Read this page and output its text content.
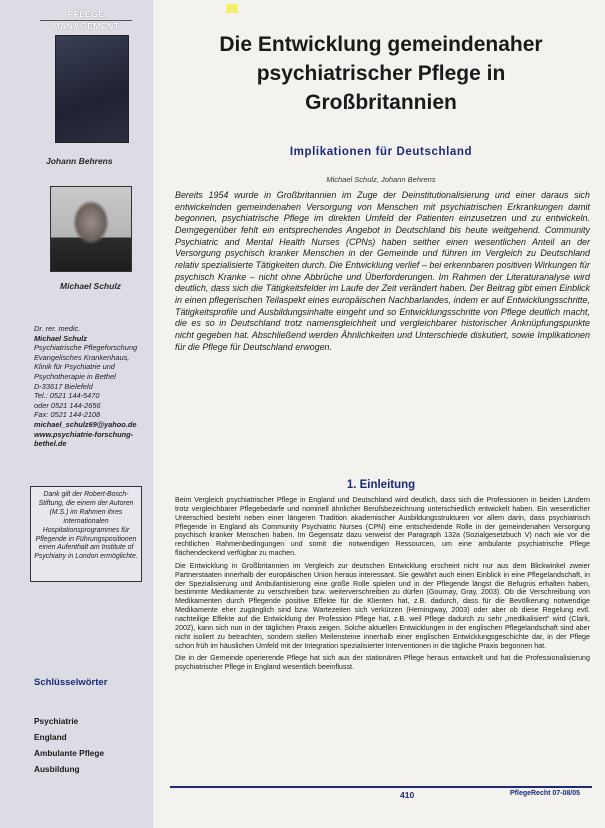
PFLEGE
MANAGEMENT
Johann Behrens
Michael Schulz
Dr. rer. medic.
Michael Schulz
Psychiatrische Pflegeforschung
Evangelisches Krankenhaus,
Klinik für Psychiatrie und
Psychotherapie in Bethel
D-33617 Bielefeld
Tel.: 0521 144-5470
oder 0521 144-2656
Fax: 0521 144-2108
michael_schulz69@yahoo.de
www.psychiatrie-forschung-
bethel.de
Dank gilt der Robert-Bosch-Stiftung, die einem der Autoren (M.S.) im Rahmen ihres internationalen Hospitationsprogrammes für Pflegende in Führungspositionen einen Aufenthalt am Institute of Psychiatry in London ermöglichte.
Schlüsselwörter
Psychiatrie
England
Ambulante Pflege
Ausbildung
Die Entwicklung gemeindenaher
psychiatrischer Pflege in
Großbritannien
Implikationen für Deutschland
Michael Schulz, Johann Behrens
Bereits 1954 wurde in Großbritannien im Zuge der Deinstitutionalisierung und einer daraus sich entwickelnden gemeindenahen Versorgung von Menschen mit psychiatrischen Erkrankungen damit begonnen, psychiatrische Pflege im direkten Umfeld der Patienten einzusetzen und zu entwickeln. Demgegenüber fehlt ein entsprechendes Angebot in Deutschland bis heute weitgehend. Community Psychiatric and Mental Health Nurses (CPNs) haben seither einen wesentlichen Anteil an der Versorgung psychisch kranker Menschen in der Gemeinde und führen im Vergleich zu Deutschland relativ spezialisierte Tätigkeiten durch. Die Entwicklung verlief – bei erkennbaren positiven Wirkungen für psychisch Kranke – nicht ohne Abbrüche und Überforderungen. Im Rahmen der Literaturanalyse wird deutlich, dass sich die Tätigkeitsfelder im Laufe der Zeit verändert haben. Der Beitrag gibt einen Einblick in einen pflegerischen Teilaspekt eines europäischen Nachbarlandes, indem er auf Entwicklungsschritte, Tätigkeitsprofile und Ausbildungsinhalte eingeht und so Entwicklungsschritte von Pflege deutlich macht, die es so in Deutschland trotz namensgleichheit und vergleichbarer historischer Anknüpfungspunkte nicht gegeben hat. Abschließend werden Ähnlichkeiten und Unterschiede diskutiert, sowie Implikationen für die Pflege für Deutschland erwogen.
1. Einleitung

Beim Vergleich psychiatrischer Pflege in England und Deutschland wird deutlich, dass sich die Professionen in beiden Ländern trotz vergleichbarer Pflegebedarfe und nominell ähnlicher Berufsbezeichnung unterschiedlich entwickelt haben. Ein wesentlicher Unterschied besteht neben einer längeren Tradition akademischer Ausbildungsstrukturen vor allem darin, dass psychiatrisch Pflegende in England als Community Psychiatric Nurses (CPN) eine entscheidende Rolle in der gemeindenahen Versorgung psychisch kranker Menschen haben. Im Gegensatz dazu verweist der Paragraph 132a (Sozialgesetzbuch V) nach wie vor die rechtlichen Rahmenbedingungen und somit die notwendigen Ressourcen, um eine ambulante psychiatrische Pflege flächendeckend verfügbar zu machen.

Die Entwicklung in Großbritannien im Vergleich zur deutschen Entwicklung erscheint nicht nur aus dem Blickwinkel zweier Partnerstaaten innerhalb der europäischen Union heraus interessant. Sie gewährt auch einen Einblick in eine Pflegelandschaft, in der Spezialisierung und Ambulantisierung eine große Rolle spielen und in der Pflegende längst die Befugnis erhalten haben, bestimmte Medikamente zu verschreiben bzw. weiterverschreiben zu dürfen (Gournay, Gray, 2003). Ob die Verschreibung von Medikamenten durch Pflegende positive Effekte für die Klienten hat, z.B. dadurch, dass für die Bevölkerung notwendige Medikamente eher zugänglich sind bzw. Wartezeiten sich verkürzen (Hemingway, 2003) oder aber ob diese Regelung evtl. nachteilige Effekte auf die Entwicklung der Profession Pflege hat, z.B. weil Pflege dadurch zu sehr „medikalisiert“ wird (Clark, 2002), kann sich nun in der täglichen Praxis zeigen. Solche aktuellen Entwicklungen in der englischen Pflegelandschaft sind aber nicht isoliert zu betrachten, sondern stellen Meilensteine innerhalb einer englischen Entwicklungsgeschichte dar, in der Pflege schon früh im häuslichen Umfeld mit der Integration spezialisierter Interventionen in die tägliche Praxis begonnen hat.

Die in der Gemeinde operierende Pflege hat sich aus der stationären Pflege heraus entwickelt und hat die Professionalisierung psychiatrischer Pflege in England wesentlich beeinflusst.

410	PflegeRecht 07-08/05
